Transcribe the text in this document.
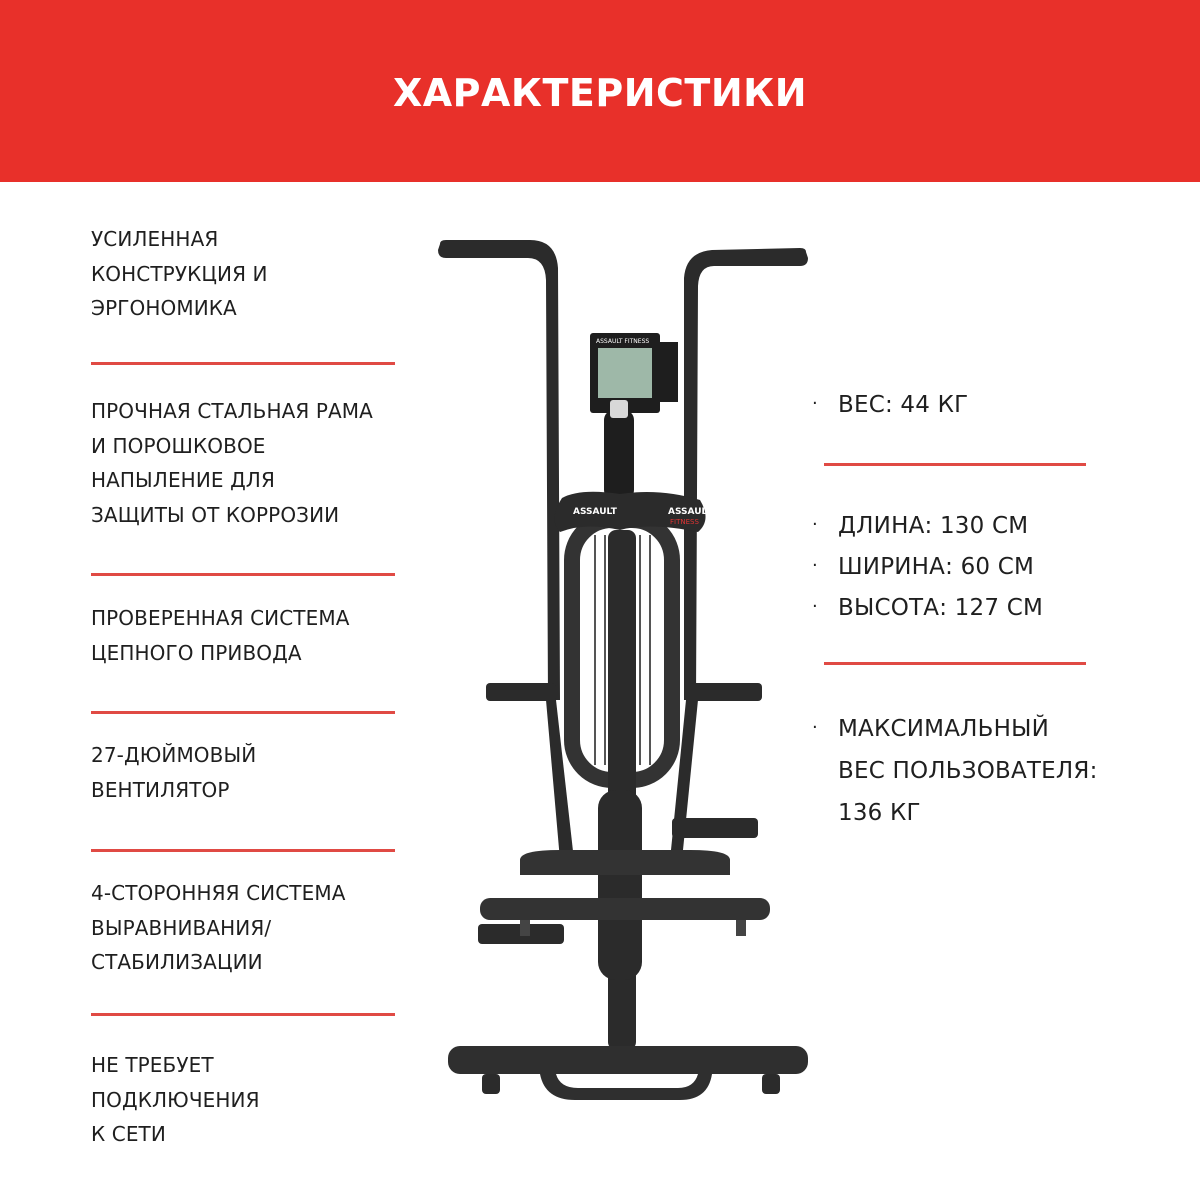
ХАРАКТЕРИСТИКИ

УСИЛЕННАЯ
КОНСТРУКЦИЯ И
ЭРГОНОМИКА

ПРОЧНАЯ СТАЛЬНАЯ РАМА
И ПОРОШКОВОЕ
НАПЫЛЕНИЕ ДЛЯ
ЗАЩИТЫ ОТ КОРРОЗИИ

ПРОВЕРЕННАЯ СИСТЕМА
ЦЕПНОГО ПРИВОДА

27-ДЮЙМОВЫЙ
ВЕНТИЛЯТОР

4-СТОРОННЯЯ СИСТЕМА
ВЫРАВНИВАНИЯ/
СТАБИЛИЗАЦИИ

НЕ ТРЕБУЕТ
ПОДКЛЮЧЕНИЯ
К СЕТИ

· ВЕС: 44 КГ
· ДЛИНА: 130 СМ
· ШИРИНА: 60 СМ
· ВЫСОТА: 127 СМ
· МАКСИМАЛЬНЫЙ
ВЕС ПОЛЬЗОВАТЕЛЯ:
136 КГ
ASSAULT	ASSAULT
FITNESS
ASSAULT FITNESS
